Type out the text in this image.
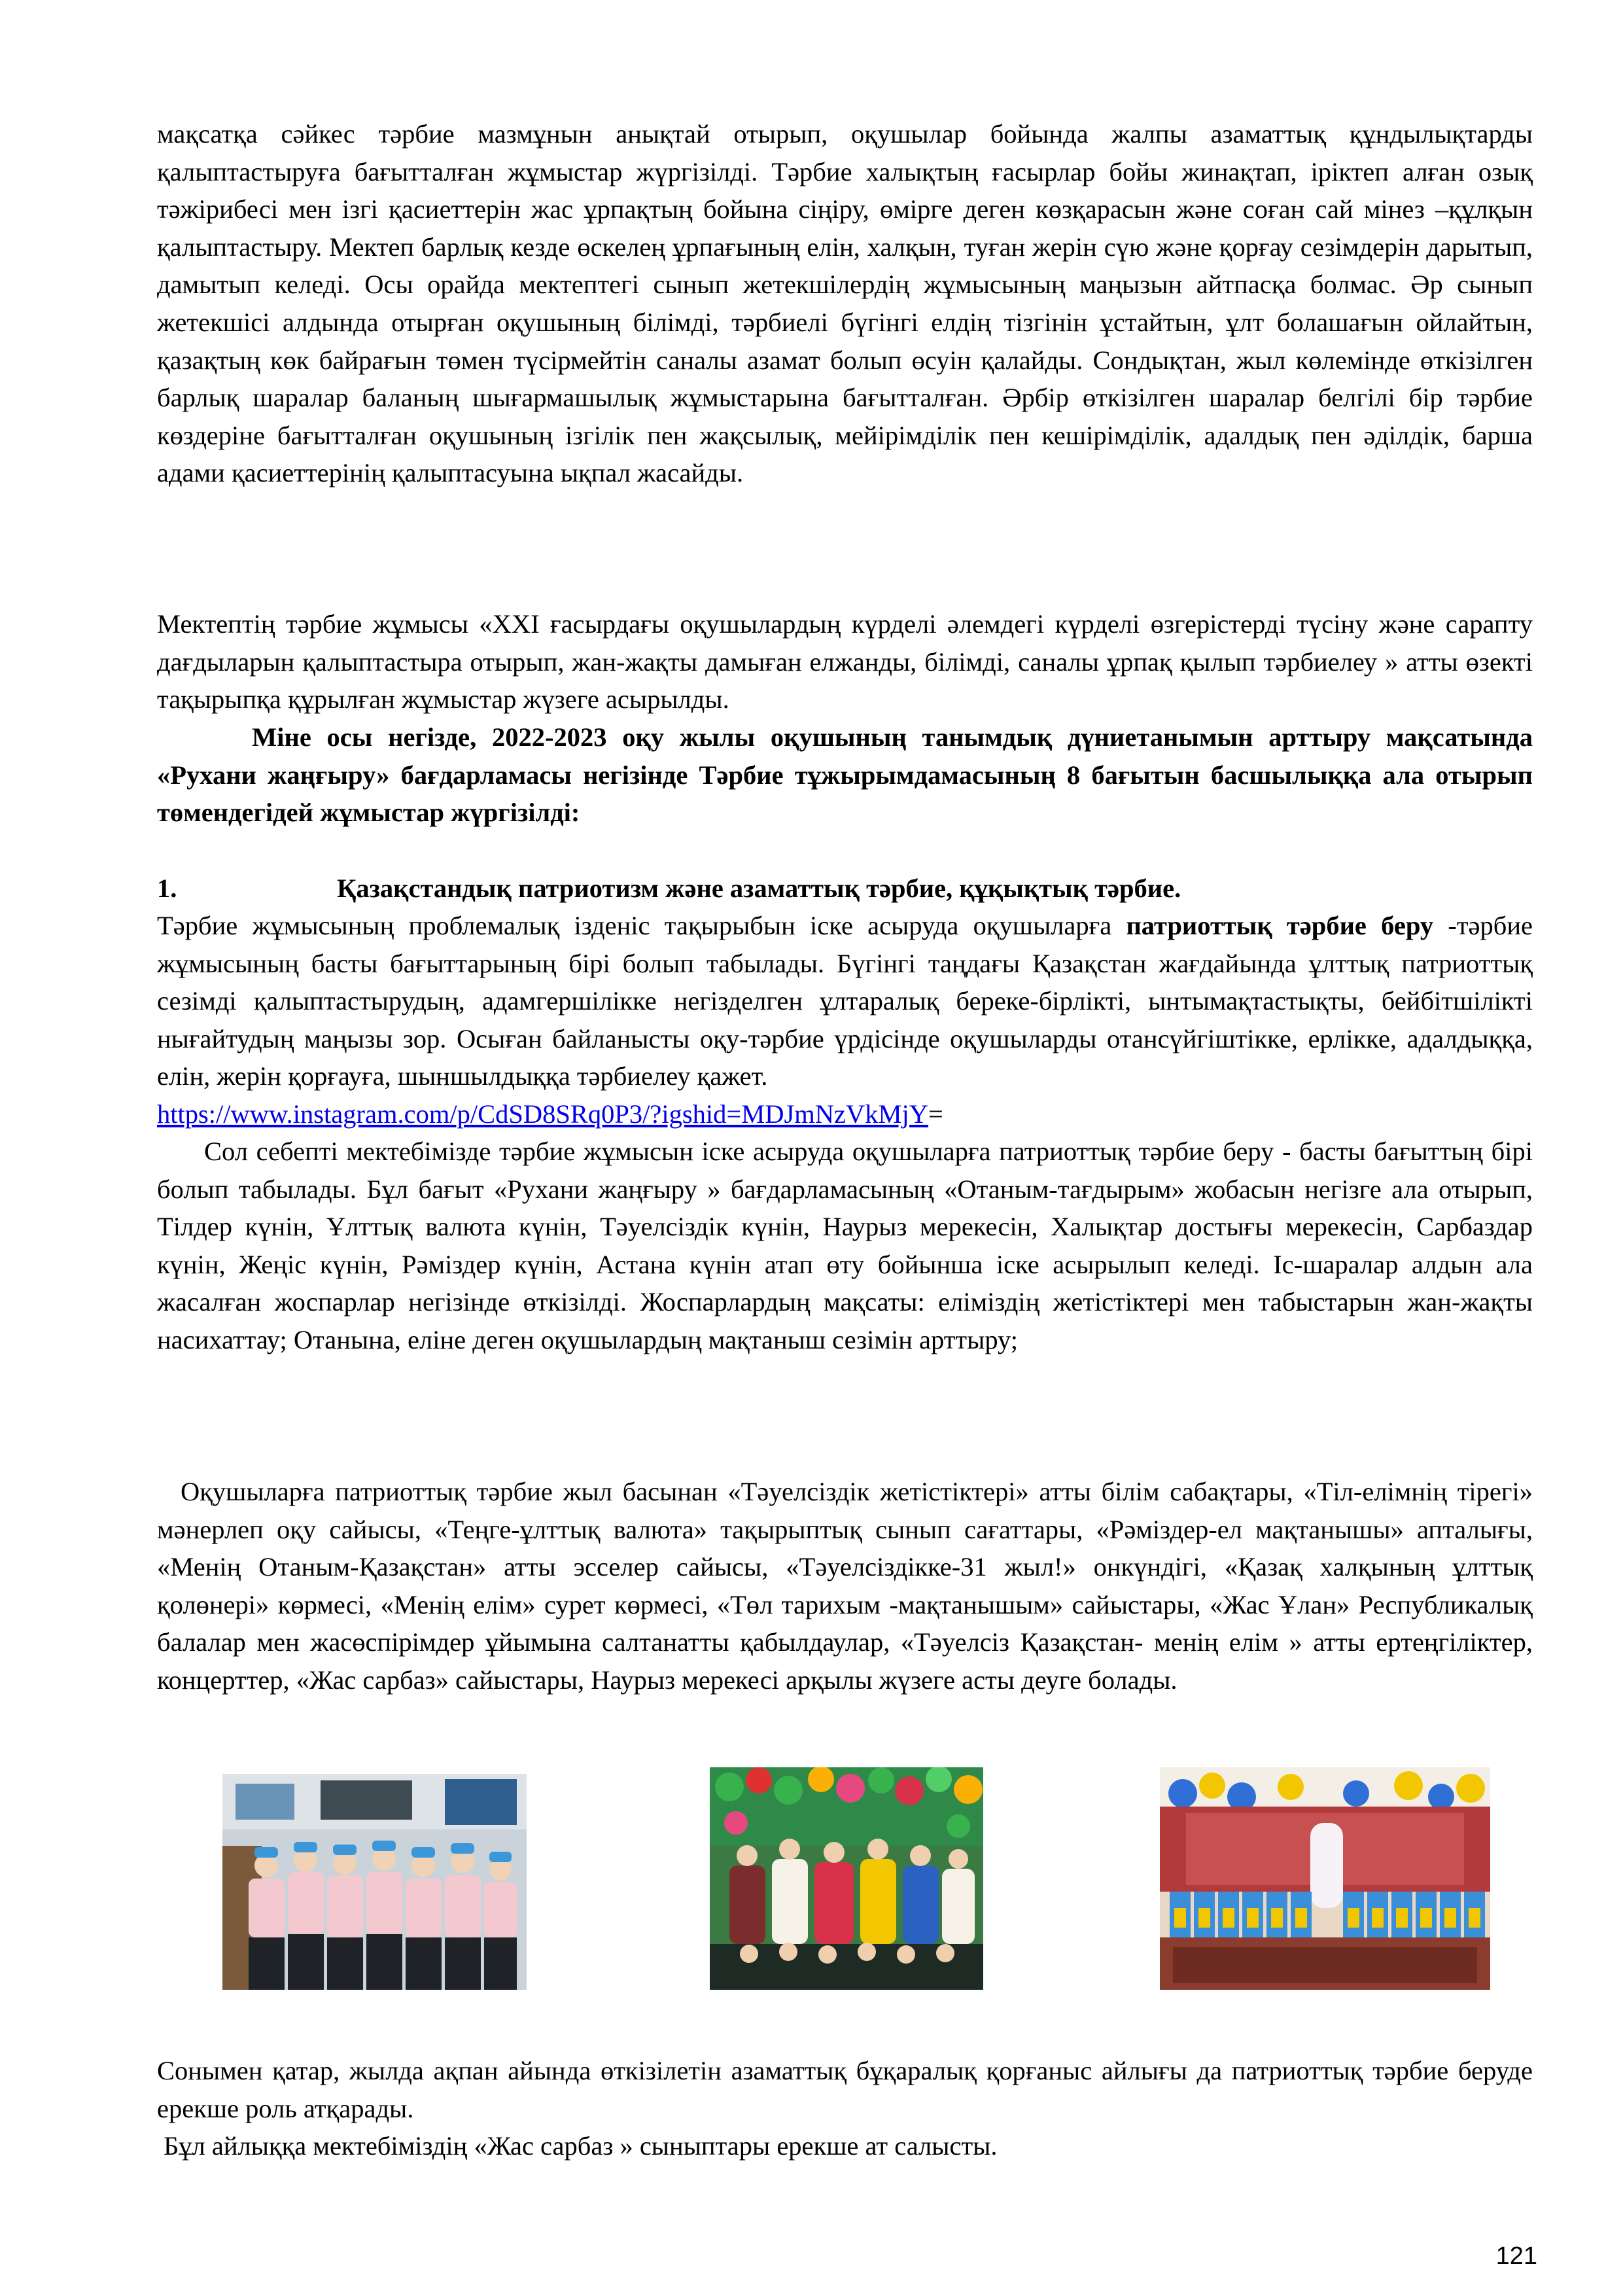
мақсатқа сәйкес тәрбие мазмұнын анықтай отырып, оқушылар бойында жалпы азаматтық құндылықтарды қалыптастыруға бағытталған жұмыстар жүргізілді. Тәрбие халықтың ғасырлар бойы жинақтап, іріктеп алған озық тәжірибесі мен ізгі қасиеттерін жас ұрпақтың бойына сіңіру, өмірге деген көзқарасын және соған сай мінез –құлқын қалыптастыру. Мектеп барлық кезде өскелең ұрпағының елін, халқын, туған жерін сүю және қорғау сезімдерін дарытып, дамытып келеді. Осы орайда мектептегі сынып жетекшілердің жұмысының маңызын айтпасқа болмас. Әр сынып жетекшісі алдында отырған оқушының білімді, тәрбиелі бүгінгі елдің тізгінін ұстайтын, ұлт болашағын ойлайтын, қазақтың көк байрағын төмен түсірмейтін саналы азамат болып өсуін қалайды. Сондықтан, жыл көлемінде өткізілген барлық шаралар баланың шығармашылық жұмыстарына бағытталған. Әрбір өткізілген шаралар белгілі бір тәрбие көздеріне бағытталған оқушының ізгілік пен жақсылық, мейірімділік пен кешірімділік, адалдық пен әділдік, барша адами қасиеттерінің қалыптасуына ықпал жасайды.

Мектептің тәрбие жұмысы «XXI ғасырдағы оқушылардың күрделі әлемдегі күрделі өзгерістерді түсіну және сарапту дағдыларын қалыптастыра отырып, жан-жақты дамыған елжанды, білімді, саналы ұрпақ қылып тәрбиелеу » атты өзекті тақырыпқа құрылған жұмыстар жүзеге асырылды.

Міне осы негізде, 2022-2023 оқу жылы оқушының танымдық дүниетанымын арттыру мақсатында «Рухани жаңғыру» бағдарламасы негізінде Тәрбие тұжырымдамасының 8 бағытын басшылыққа ала отырып төмендегідей жұмыстар жүргізілді:

1.	Қазақстандық патриотизм және азаматтық тәрбие, құқықтық тәрбие.

Тәрбие жұмысының проблемалық ізденіс тақырыбын іске асыруда оқушыларға патриоттық тәрбие беру -тәрбие жұмысының басты бағыттарының бірі болып табылады. Бүгінгі таңдағы Қазақстан жағдайында ұлттық патриоттық сезімді қалыптастырудың, адамгершілікке негізделген ұлтаралық береке-бірлікті, ынтымақтастықты, бейбітшілікті нығайтудың маңызы зор. Осыған байланысты оқу-тәрбие үрдісінде оқушыларды отансүйгіштікке, ерлікке, адалдыққа, елін, жерін қорғауға, шыншылдыққа тәрбиелеу қажет.

https://www.instagram.com/p/CdSD8SRq0P3/?igshid=MDJmNzVkMjY=

Сол себепті мектебімізде тәрбие жұмысын іске асыруда оқушыларға патриоттық тәрбие беру - басты бағыттың бірі болып табылады. Бұл бағыт «Рухани жаңғыру » бағдарламасының «Отаным-тағдырым» жобасын негізге ала отырып, Тілдер күнін, Ұлттық валюта күнін, Тәуелсіздік күнін, Наурыз мерекесін, Халықтар достығы мерекесін, Сарбаздар күнін, Жеңіс күнін, Рәміздер күнін, Астана күнін атап өту бойынша іске асырылып келеді. Іс-шаралар алдын ала жасалған жоспарлар негізінде өткізілді. Жоспарлардың мақсаты: еліміздің жетістіктері мен табыстарын жан-жақты насихаттау; Отанына, еліне деген оқушылардың мақтаныш сезімін арттыру;

Оқушыларға патриоттық тәрбие жыл басынан «Тәуелсіздік жетістіктері» атты білім сабақтары, «Тіл-елімнің тірегі» мәнерлеп оқу сайысы, «Теңге-ұлттық валюта» тақырыптық сынып сағаттары, «Рәміздер-ел мақтанышы» апталығы, «Менің Отаным-Қазақстан» атты эсселер сайысы, «Тәуелсіздікке-31 жыл!» онкүндігі, «Қазақ халқының ұлттық қолөнері» көрмесі, «Менің елім» сурет көрмесі, «Төл тарихым -мақтанышым» сайыстары, «Жас Ұлан» Республикалық балалар мен жасөспірімдер ұйымына салтанатты қабылдаулар, «Тәуелсіз Қазақстан- менің елім » атты ертеңгіліктер, концерттер, «Жас сарбаз» сайыстары, Наурыз мерекесі арқылы жүзеге асты деуге болады.

Сонымен қатар, жылда ақпан айында өткізілетін азаматтық бұқаралық қорғаныс айлығы да патриоттық тәрбие беруде ерекше роль атқарады.

Бұл айлыққа мектебіміздің «Жас сарбаз » сыныптары ерекше ат салысты.

121
